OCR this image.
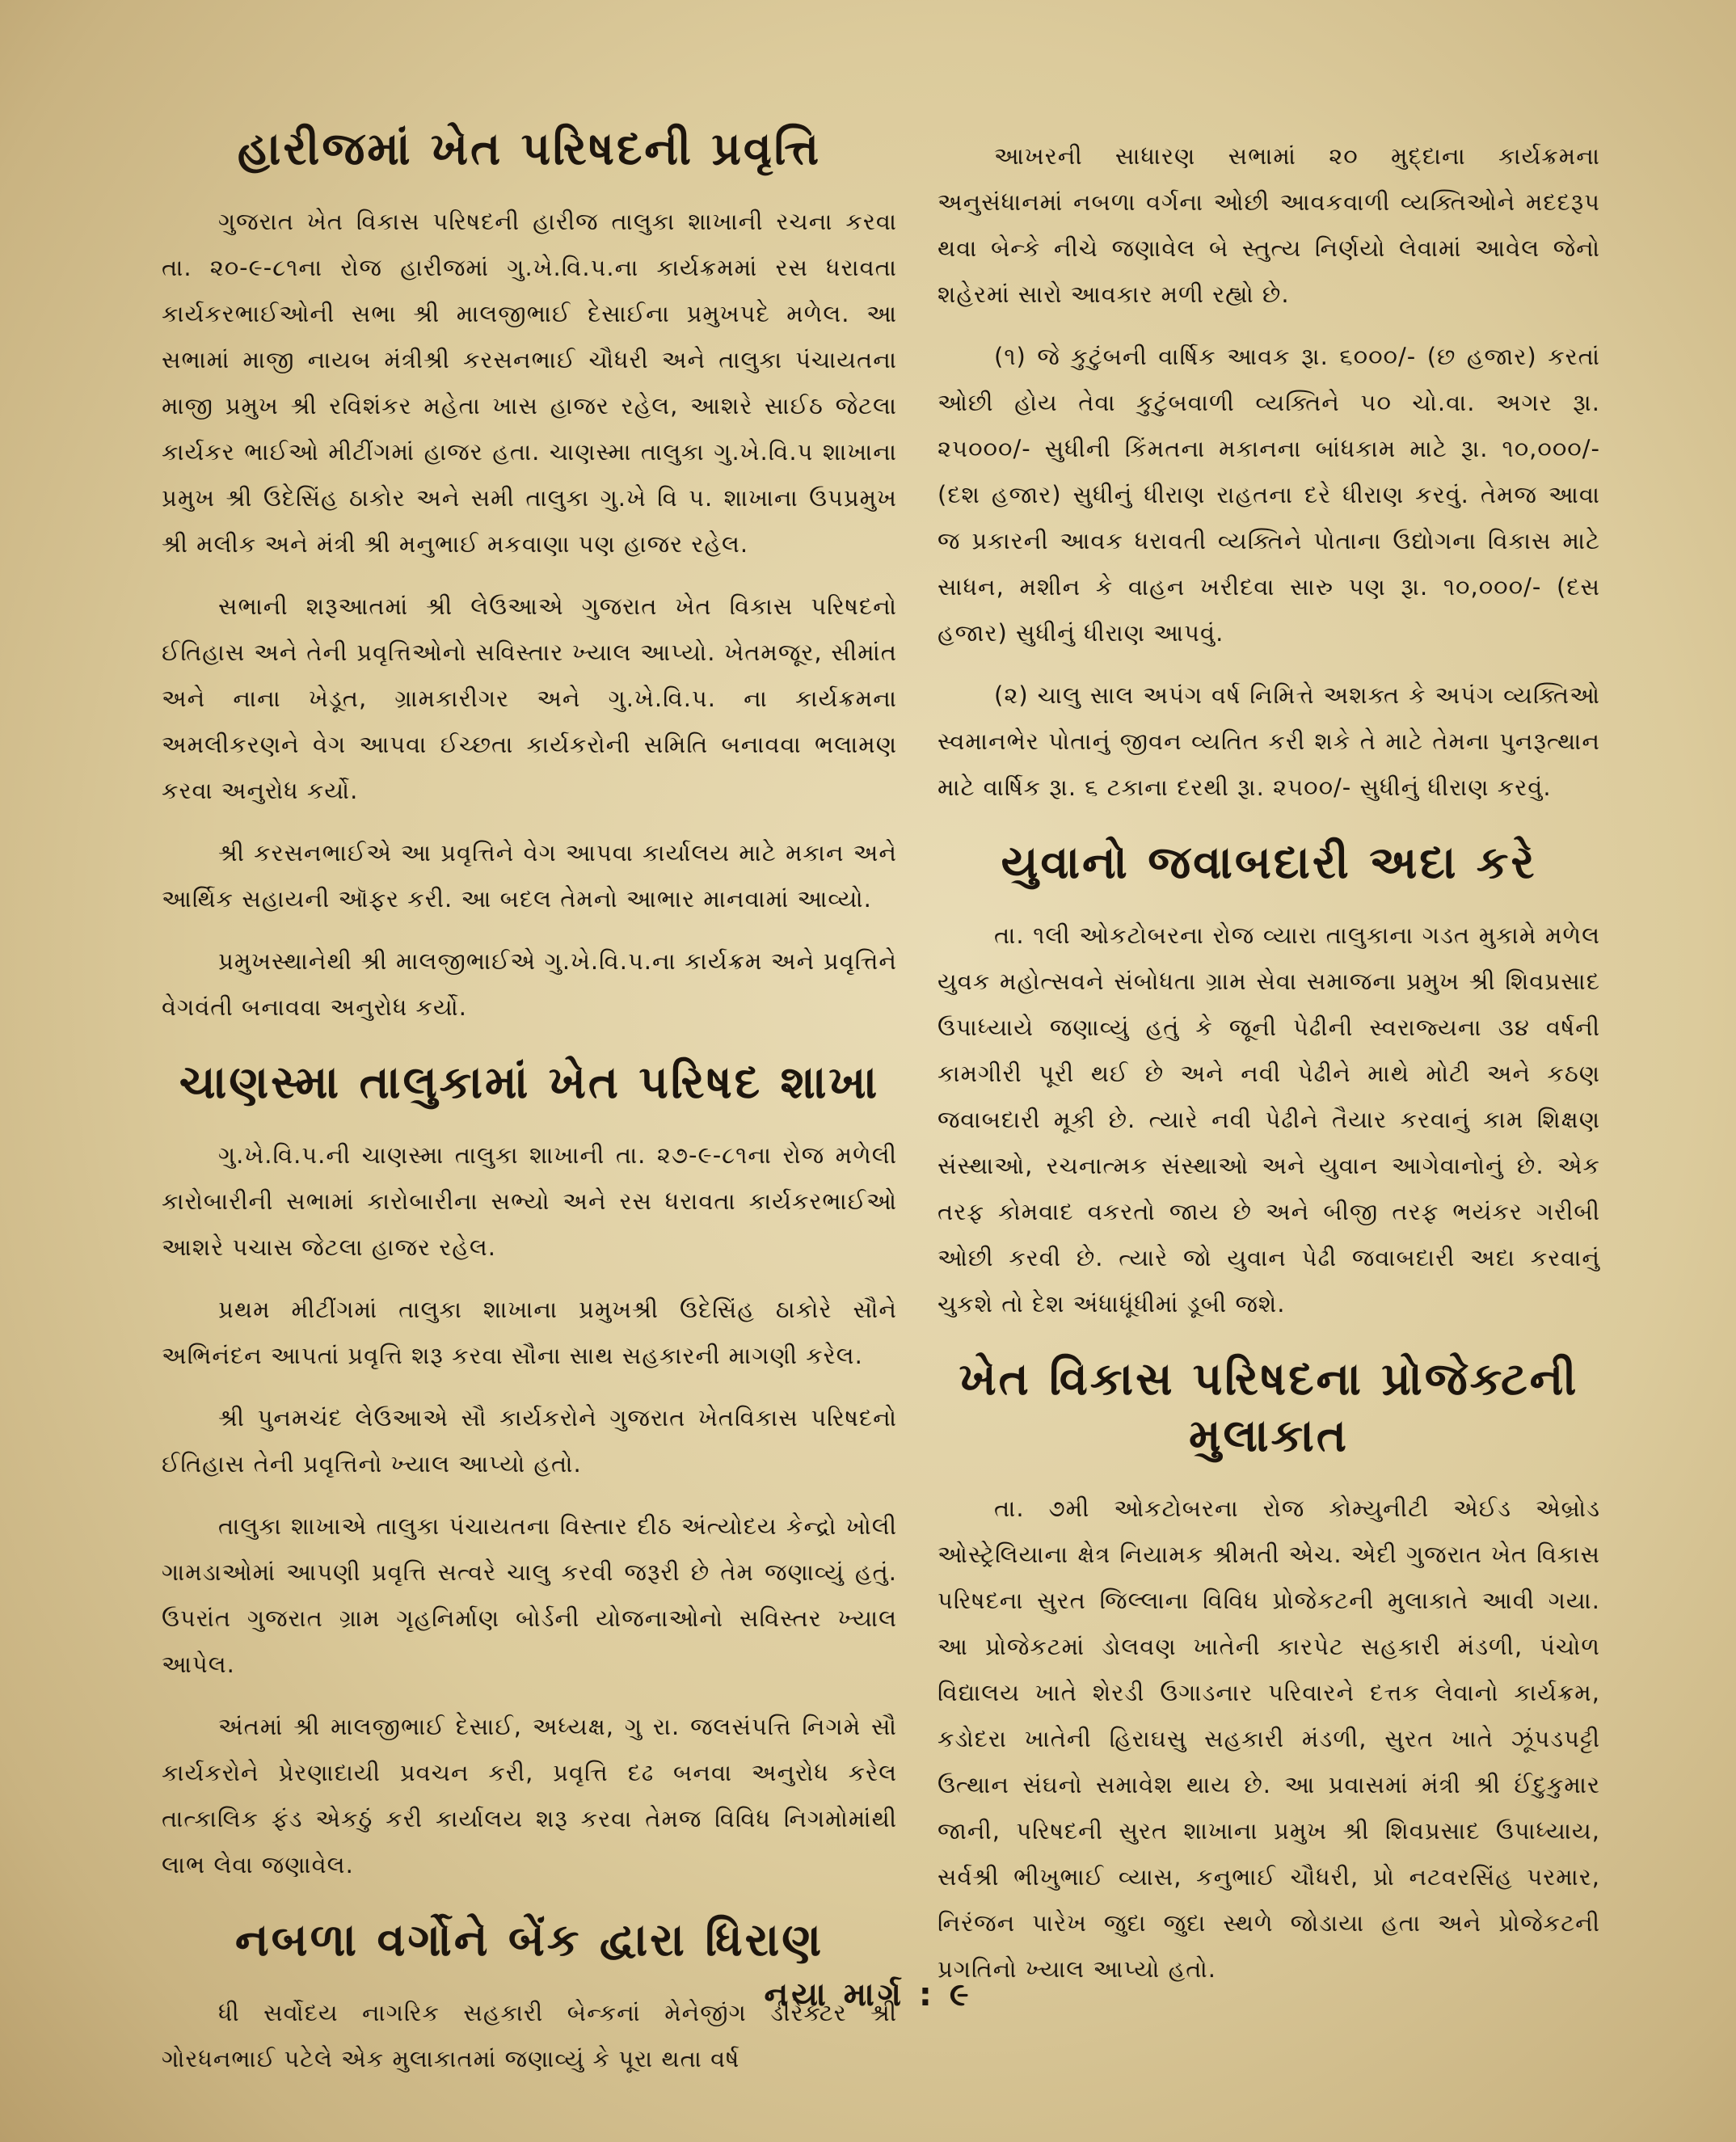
હારીજમાં ખેત પરિષદની પ્રવૃત્તિ

ગુજરાત ખેત વિકાસ પરિષદની હારીજ તાલુકા શાખાની રચના કરવા તા. ૨૦-૯-૮૧ના રોજ હારીજમાં ગુ.ખે.વિ.પ.ના કાર્યક્રમમાં રસ ધરાવતા કાર્યકરભાઈઓની સભા શ્રી માલજીભાઈ દેસાઈના પ્રમુખપદે મળેલ. આ સભામાં માજી નાયબ મંત્રીશ્રી કરસનભાઈ ચૌધરી અને તાલુકા પંચાયતના માજી પ્રમુખ શ્રી રવિશંકર મહેતા ખાસ હાજર રહેલ, આશરે સાઈઠ જેટલા કાર્યકર ભાઈઓ મીટીંગમાં હાજર હતા. ચાણસ્મા તાલુકા ગુ.ખે.વિ.પ શાખાના પ્રમુખ શ્રી ઉદેસિંહ ઠાકોર અને સમી તાલુકા ગુ.ખે વિ પ. શાખાના ઉપપ્રમુખ શ્રી મલીક અને મંત્રી શ્રી મનુભાઈ મકવાણા પણ હાજર રહેલ.

સભાની શરૂઆતમાં શ્રી લેઉઆએ ગુજરાત ખેત વિકાસ પરિષદનો ઈતિહાસ અને તેની પ્રવૃત્તિઓનો સવિસ્તાર ખ્યાલ આપ્યો. ખેતમજૂર, સીમાંત અને નાના ખેડૂત, ગ્રામકારીગર અને ગુ.ખે.વિ.પ. ના કાર્યક્રમના અમલીકરણને વેગ આપવા ઈચ્છતા કાર્યકરોની સમિતિ બનાવવા ભલામણ કરવા અનુરોધ કર્યો.

શ્રી કરસનભાઈએ આ પ્રવૃત્તિને વેગ આપવા કાર્યાલય માટે મકાન અને આર્થિક સહાયની ઑફર કરી. આ બદલ તેમનો આભાર માનવામાં આવ્યો.

પ્રમુખસ્થાનેથી શ્રી માલજીભાઈએ ગુ.ખે.વિ.પ.ના કાર્યક્રમ અને પ્રવૃત્તિને વેગવંતી બનાવવા અનુરોધ કર્યો.

ચાણસ્મા તાલુકામાં ખેત પરિષદ શાખા

ગુ.ખે.વિ.પ.ની ચાણસ્મા તાલુકા શાખાની તા. ૨૭-૯-૮૧ના રોજ મળેલી કારોબારીની સભામાં કારોબારીના સભ્યો અને રસ ધરાવતા કાર્યકરભાઈઓ આશરે પચાસ જેટલા હાજર રહેલ.

પ્રથમ મીટીંગમાં તાલુકા શાખાના પ્રમુખશ્રી ઉદેસિંહ ઠાકોરે સૌને અભિનંદન આપતાં પ્રવૃત્તિ શરૂ કરવા સૌના સાથ સહકારની માગણી કરેલ.

શ્રી પુનમચંદ લેઉઆએ સૌ કાર્યકરોને ગુજરાત ખેતવિકાસ પરિષદનો ઈતિહાસ તેની પ્રવૃત્તિનો ખ્યાલ આપ્યો હતો.

તાલુકા શાખાએ તાલુકા પંચાયતના વિસ્તાર દીઠ અંત્યોદય કેન્દ્રો ખોલી ગામડાઓમાં આપણી પ્રવૃત્તિ સત્વરે ચાલુ કરવી જરૂરી છે તેમ જણાવ્યું હતું. ઉપરાંત ગુજરાત ગ્રામ ગૃહનિર્માણ બોર્ડની યોજનાઓનો સવિસ્તર ખ્યાલ આપેલ.

અંતમાં શ્રી માલજીભાઈ દેસાઈ, અધ્યક્ષ, ગુ રા. જલસંપત્તિ નિગમે સૌ કાર્યકરોને પ્રેરણાદાયી પ્રવચન કરી, પ્રવૃત્તિ દઢ બનવા અનુરોધ કરેલ તાત્કાલિક ફંડ એકઠું કરી કાર્યાલય શરૂ કરવા તેમજ વિવિધ નિગમોમાંથી લાભ લેવા જણાવેલ.

નબળા વર્ગોને બેંક દ્વારા ધિરાણ

ધી સર્વોદય નાગરિક સહકારી બેન્કનાં મેનેજીંગ ડીરેક્ટર શ્રી ગોરધનભાઈ પટેલે એક મુલાકાતમાં જણાવ્યું કે પૂરા થતા વર્ષ

આખરની સાધારણ સભામાં ૨૦ મુદ્દાના કાર્યક્રમના અનુસંધાનમાં નબળા વર્ગના ઓછી આવકવાળી વ્યક્તિઓને મદદરૂપ થવા બેન્કે નીચે જણાવેલ બે સ્તુત્ય નિર્ણયો લેવામાં આવેલ જેનો શહેરમાં સારો આવકાર મળી રહ્યો છે.

(૧) જે કુટુંબની વાર્ષિક આવક રૂા. ૬૦૦૦/- (છ હજાર) કરતાં ઓછી હોય તેવા કુટુંબવાળી વ્યક્તિને ૫૦ ચો.વા. અગર રૂા. ૨૫૦૦૦/- સુધીની કિંમતના મકાનના બાંધકામ માટે રૂા. ૧૦,૦૦૦/- (દશ હજાર) સુધીનું ધીરાણ રાહતના દરે ધીરાણ કરવું. તેમજ આવા જ પ્રકારની આવક ધરાવતી વ્યક્તિને પોતાના ઉદ્યોગના વિકાસ માટે સાધન, મશીન કે વાહન ખરીદવા સારુ પણ રૂા. ૧૦,૦૦૦/- (દસ હજાર) સુધીનું ધીરાણ આપવું.

(૨) ચાલુ સાલ અપંગ વર્ષ નિમિત્તે અશક્ત કે અપંગ વ્યક્તિઓ સ્વમાનભેર પોતાનું જીવન વ્યતિત કરી શકે તે માટે તેમના પુનરૂત્થાન માટે વાર્ષિક રૂા. ૬ ટકાના દરથી રૂા. ૨૫૦૦/- સુધીનું ધીરાણ કરવું.

યુવાનો જવાબદારી અદા કરે

તા. ૧લી ઓકટોબરના રોજ વ્યારા તાલુકાના ગડત મુકામે મળેલ યુવક મહોત્સવને સંબોધતા ગ્રામ સેવા સમાજના પ્રમુખ શ્રી શિવપ્રસાદ ઉપાધ્યાયે જણાવ્યું હતું કે જૂની પેઢીની સ્વરાજ્યના ૩૪ વર્ષની કામગીરી પૂરી થઈ છે અને નવી પેઢીને માથે મોટી અને કઠણ જવાબદારી મૂકી છે. ત્યારે નવી પેઢીને તૈયાર કરવાનું કામ શિક્ષણ સંસ્થાઓ, રચનાત્મક સંસ્થાઓ અને યુવાન આગેવાનોનું છે. એક તરફ કોમવાદ વકરતો જાય છે અને બીજી તરફ ભયંકર ગરીબી ઓછી કરવી છે. ત્યારે જો યુવાન પેઢી જવાબદારી અદા કરવાનું ચુકશે તો દેશ અંધાધૂંધીમાં ડૂબી જશે.

ખેત વિકાસ પરિષદના પ્રોજેક્ટની મુલાકાત

તા. ૭મી ઓકટોબરના રોજ કોમ્યુનીટી એઈડ એબ્રોડ ઓસ્ટ્રેલિયાના ક્ષેત્ર નિયામક શ્રીમતી એચ. એદી ગુજરાત ખેત વિકાસ પરિષદના સુરત જિલ્લાના વિવિધ પ્રોજેકટની મુલાકાતે આવી ગયા. આ પ્રોજેકટમાં ડોલવણ ખાતેની કારપેટ સહકારી મંડળી, પંચોળ વિદ્યાલય ખાતે શેરડી ઉગાડનાર પરિવારને દત્તક લેવાનો કાર્યક્રમ, કડોદરા ખાતેની હિરાઘસુ સહકારી મંડળી, સુરત ખાતે ઝૂંપડપટ્ટી ઉત્થાન સંઘનો સમાવેશ થાય છે. આ પ્રવાસમાં મંત્રી શ્રી ઈંદુકુમાર જાની, પરિષદની સુરત શાખાના પ્રમુખ શ્રી શિવપ્રસાદ ઉપાધ્યાય, સર્વશ્રી ભીખુભાઈ વ્યાસ, કનુભાઈ ચૌધરી, પ્રો નટવરસિંહ પરમાર, નિરંજન પારેખ જુદા જુદા સ્થળે જોડાયા હતા અને પ્રોજેકટની પ્રગતિનો ખ્યાલ આપ્યો હતો.

નયા માર્ગ : ૯
